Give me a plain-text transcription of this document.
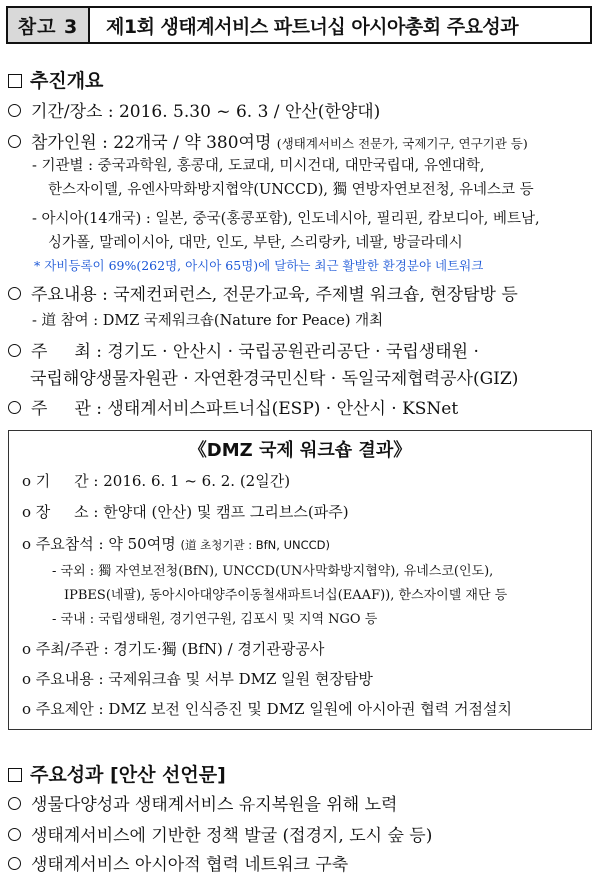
참고 3	제1회 생태계서비스 파트너십 아시아총회 주요성과
추진개요
기간/장소 : 2016. 5.30 ~ 6. 3 / 안산(한양대)
참가인원 : 22개국 / 약 380여명 (생태계서비스 전문가, 국제기구, 연구기관 등)
- 기관별 : 중국과학원, 홍콩대, 도쿄대, 미시건대, 대만국립대, 유엔대학,
한스자이델, 유엔사막화방지협약(UNCCD), 獨 연방자연보전청, 유네스코 등
- 아시아(14개국) : 일본, 중국(홍콩포함), 인도네시아, 필리핀, 캄보디아, 베트남,
싱가폴, 말레이시아, 대만, 인도, 부탄, 스리랑카, 네팔, 방글라데시
* 자비등록이 69%(262명, 아시아 65명)에 달하는 최근 활발한 환경분야 네트워크
주요내용 : 국제컨퍼런스, 전문가교육, 주제별 워크숍, 현장탐방 등
- 道 참여 : DMZ 국제워크숍(Nature for Peace) 개최
주     최 : 경기도 · 안산시 · 국립공원관리공단 · 국립생태원 ·
국립해양생물자원관 · 자연환경국민신탁 · 독일국제협력공사(GIZ)
주     관 : 생태계서비스파트너십(ESP) · 안산시 · KSNet
《DMZ 국제 워크숍 결과》
o 기     간 : 2016. 6. 1 ~ 6. 2. (2일간)
o 장     소 : 한양대 (안산) 및 캠프 그리브스(파주)
o 주요참석 : 약 50여명 (道 초청기관 : BfN, UNCCD)
- 국외 : 獨 자연보전청(BfN), UNCCD(UN사막화방지협약), 유네스코(인도),
IPBES(네팔), 동아시아대양주이동철새파트너십(EAAF)), 한스자이델 재단 등
- 국내 : 국립생태원, 경기연구원, 김포시 및 지역 NGO 등
o 주최/주관 : 경기도·獨 (BfN) / 경기관광공사
o 주요내용 : 국제워크숍 및 서부 DMZ 일원 현장탐방
o 주요제안 : DMZ 보전 인식증진 및 DMZ 일원에 아시아권 협력 거점설치
주요성과 [안산 선언문]
생물다양성과 생태계서비스 유지복원을 위해 노력
생태계서비스에 기반한 정책 발굴 (접경지, 도시 숲 등)
생태계서비스 아시아적 협력 네트워크 구축
